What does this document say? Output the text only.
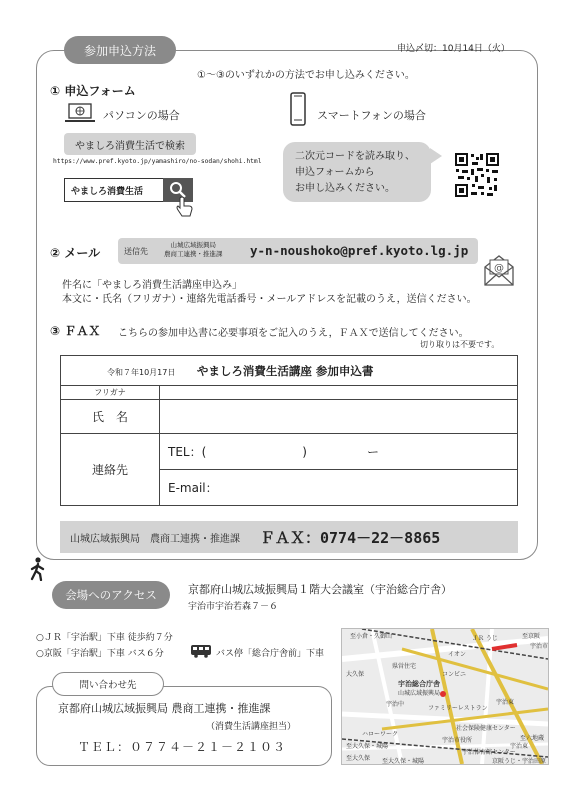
参加申込方法	申込〆切：10月14日（火）
①～③のいずれかの方法でお申し込みください。
① 申込フォーム
パソコンの場合
やましろ消費生活で検索
https://www.pref.kyoto.jp/yamashiro/no-sodan/shohi.html
やましろ消費生活
スマートフォンの場合
二次元コードを読み取り、
申込フォームから
お申し込みください。
② メール	送信先
山城広域振興局
農商工連携・推進課 y-n-noushoko@pref.kyoto.lg.jp
@
件名に「やましろ消費生活講座申込み」
本文に・氏名（フリガナ）・連絡先電話番号・メールアドレスを記載のうえ，送信ください。
③ ＦＡＸ こちらの参加申込書に必要事項をご記入のうえ，ＦＡＸで送信してください。
切り取りは不要です。
令和７年10月17日 やましろ消費生活講座 参加申込書	
フリガナ	
氏　名	
連絡先	TEL：(　　　　　　　　)　　　　　ー
	E-mail：
山城広域振興局　農商工連携・推進課 ＦＡＸ：0774－22－8865
会場へのアクセス	京都府山城広域振興局１階大会議室（宇治総合庁舎）
宇治市宇治若森７－６
○ＪＲ「宇治駅」下車 徒歩約７分
○京阪「宇治駅」下車 バス６分	バス停「総合庁舎前」下車
問い合わせ先
京都府山城広域振興局 農商工連携・推進課
（消費生活講座担当）
ＴＥＬ：０７７４－２１－２１０３
至小倉・久御山	ＪＲ うじ	至京阪
宇治市
イオン
県営住宅
大久保	コンビニ
宇治総合庁舎
山城広域振興局
宇治中
ファミリーレストラン
宇治東
社会保険健康センター
ハローワーク
宇治市役所
至大久保・城陽
宇治体育館センター
至大久保
宇治東
至六地蔵
至大久保・城陽	京阪うじ・宇治田原
